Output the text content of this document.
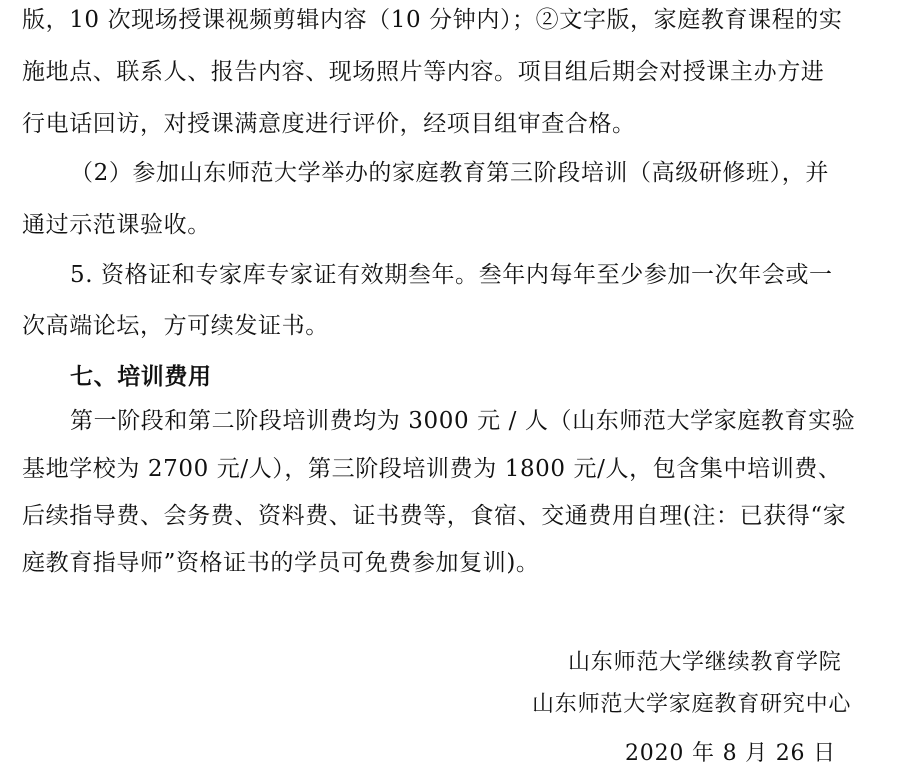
版，10 次现场授课视频剪辑内容（10 分钟内）；②文字版，家庭教育课程的实
施地点、联系人、报告内容、现场照片等内容。项目组后期会对授课主办方进
行电话回访，对授课满意度进行评价，经项目组审查合格。
（2）参加山东师范大学举办的家庭教育第三阶段培训（高级研修班），并
通过示范课验收。
5. 资格证和专家库专家证有效期叁年。叁年内每年至少参加一次年会或一
次高端论坛，方可续发证书。
七、培训费用
第一阶段和第二阶段培训费均为 3000 元 / 人（山东师范大学家庭教育实验
基地学校为 2700 元/人），第三阶段培训费为 1800 元/人，包含集中培训费、
后续指导费、会务费、资料费、证书费等，食宿、交通费用自理(注：已获得“家
庭教育指导师”资格证书的学员可免费参加复训)。
山东师范大学继续教育学院
山东师范大学家庭教育研究中心
2020 年 8 月 26 日
